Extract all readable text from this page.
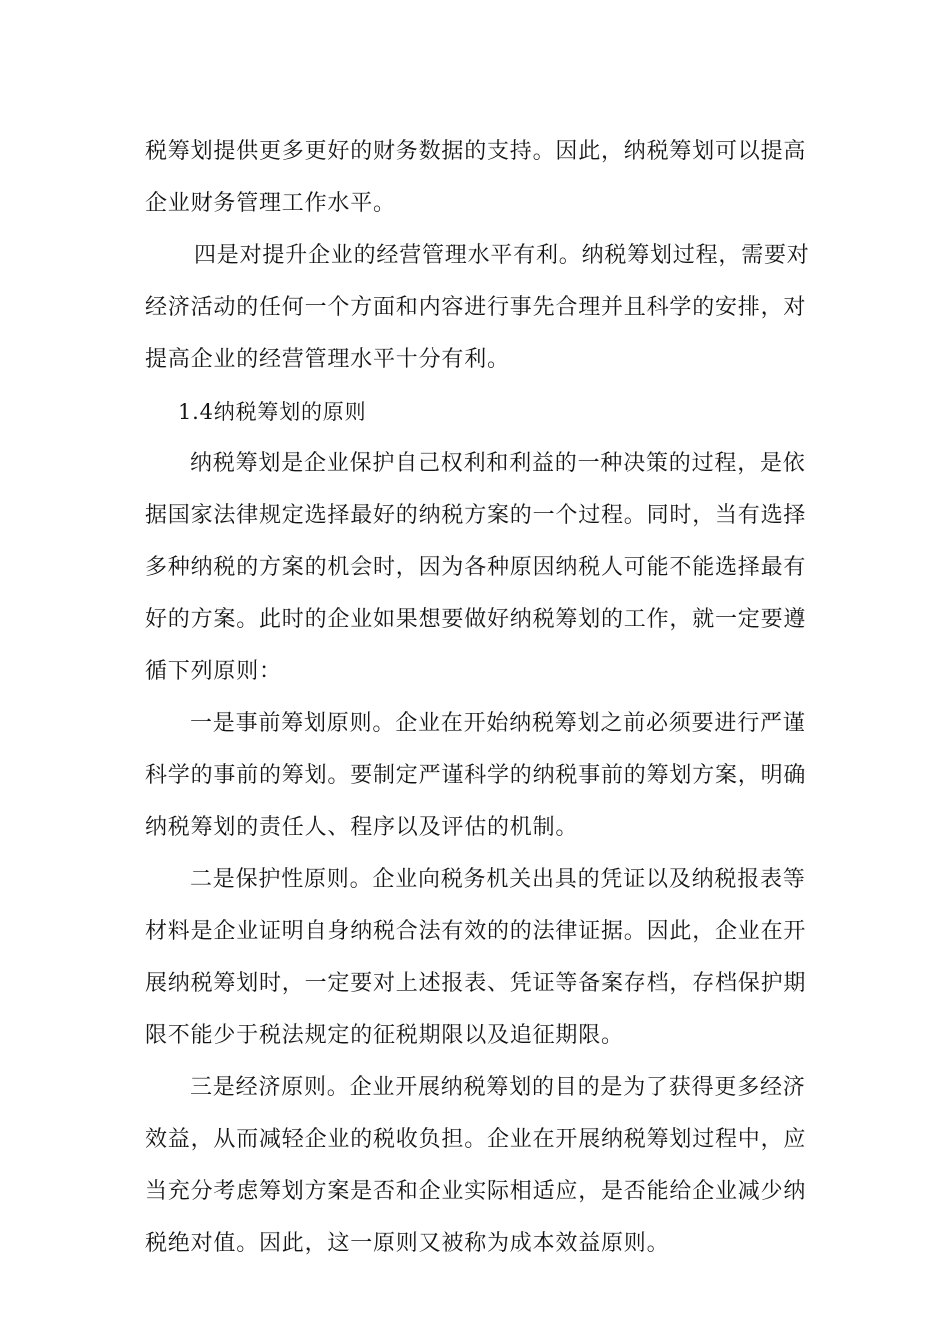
税筹划提供更多更好的财务数据的支持。因此，纳税筹划可以提高
企业财务管理工作水平。
四是对提升企业的经营管理水平有利。纳税筹划过程，需要对
经济活动的任何一个方面和内容进行事先合理并且科学的安排，对
提高企业的经营管理水平十分有利。
1.4纳税筹划的原则
纳税筹划是企业保护自己权利和利益的一种决策的过程，是依
据国家法律规定选择最好的纳税方案的一个过程。同时，当有选择
多种纳税的方案的机会时，因为各种原因纳税人可能不能选择最有
好的方案。此时的企业如果想要做好纳税筹划的工作，就一定要遵
循下列原则：
一是事前筹划原则。企业在开始纳税筹划之前必须要进行严谨
科学的事前的筹划。要制定严谨科学的纳税事前的筹划方案，明确
纳税筹划的责任人、程序以及评估的机制。
二是保护性原则。企业向税务机关出具的凭证以及纳税报表等
材料是企业证明自身纳税合法有效的的法律证据。因此，企业在开
展纳税筹划时，一定要对上述报表、凭证等备案存档，存档保护期
限不能少于税法规定的征税期限以及追征期限。
三是经济原则。企业开展纳税筹划的目的是为了获得更多经济
效益，从而减轻企业的税收负担。企业在开展纳税筹划过程中，应
当充分考虑筹划方案是否和企业实际相适应，是否能给企业减少纳
税绝对值。因此，这一原则又被称为成本效益原则。
